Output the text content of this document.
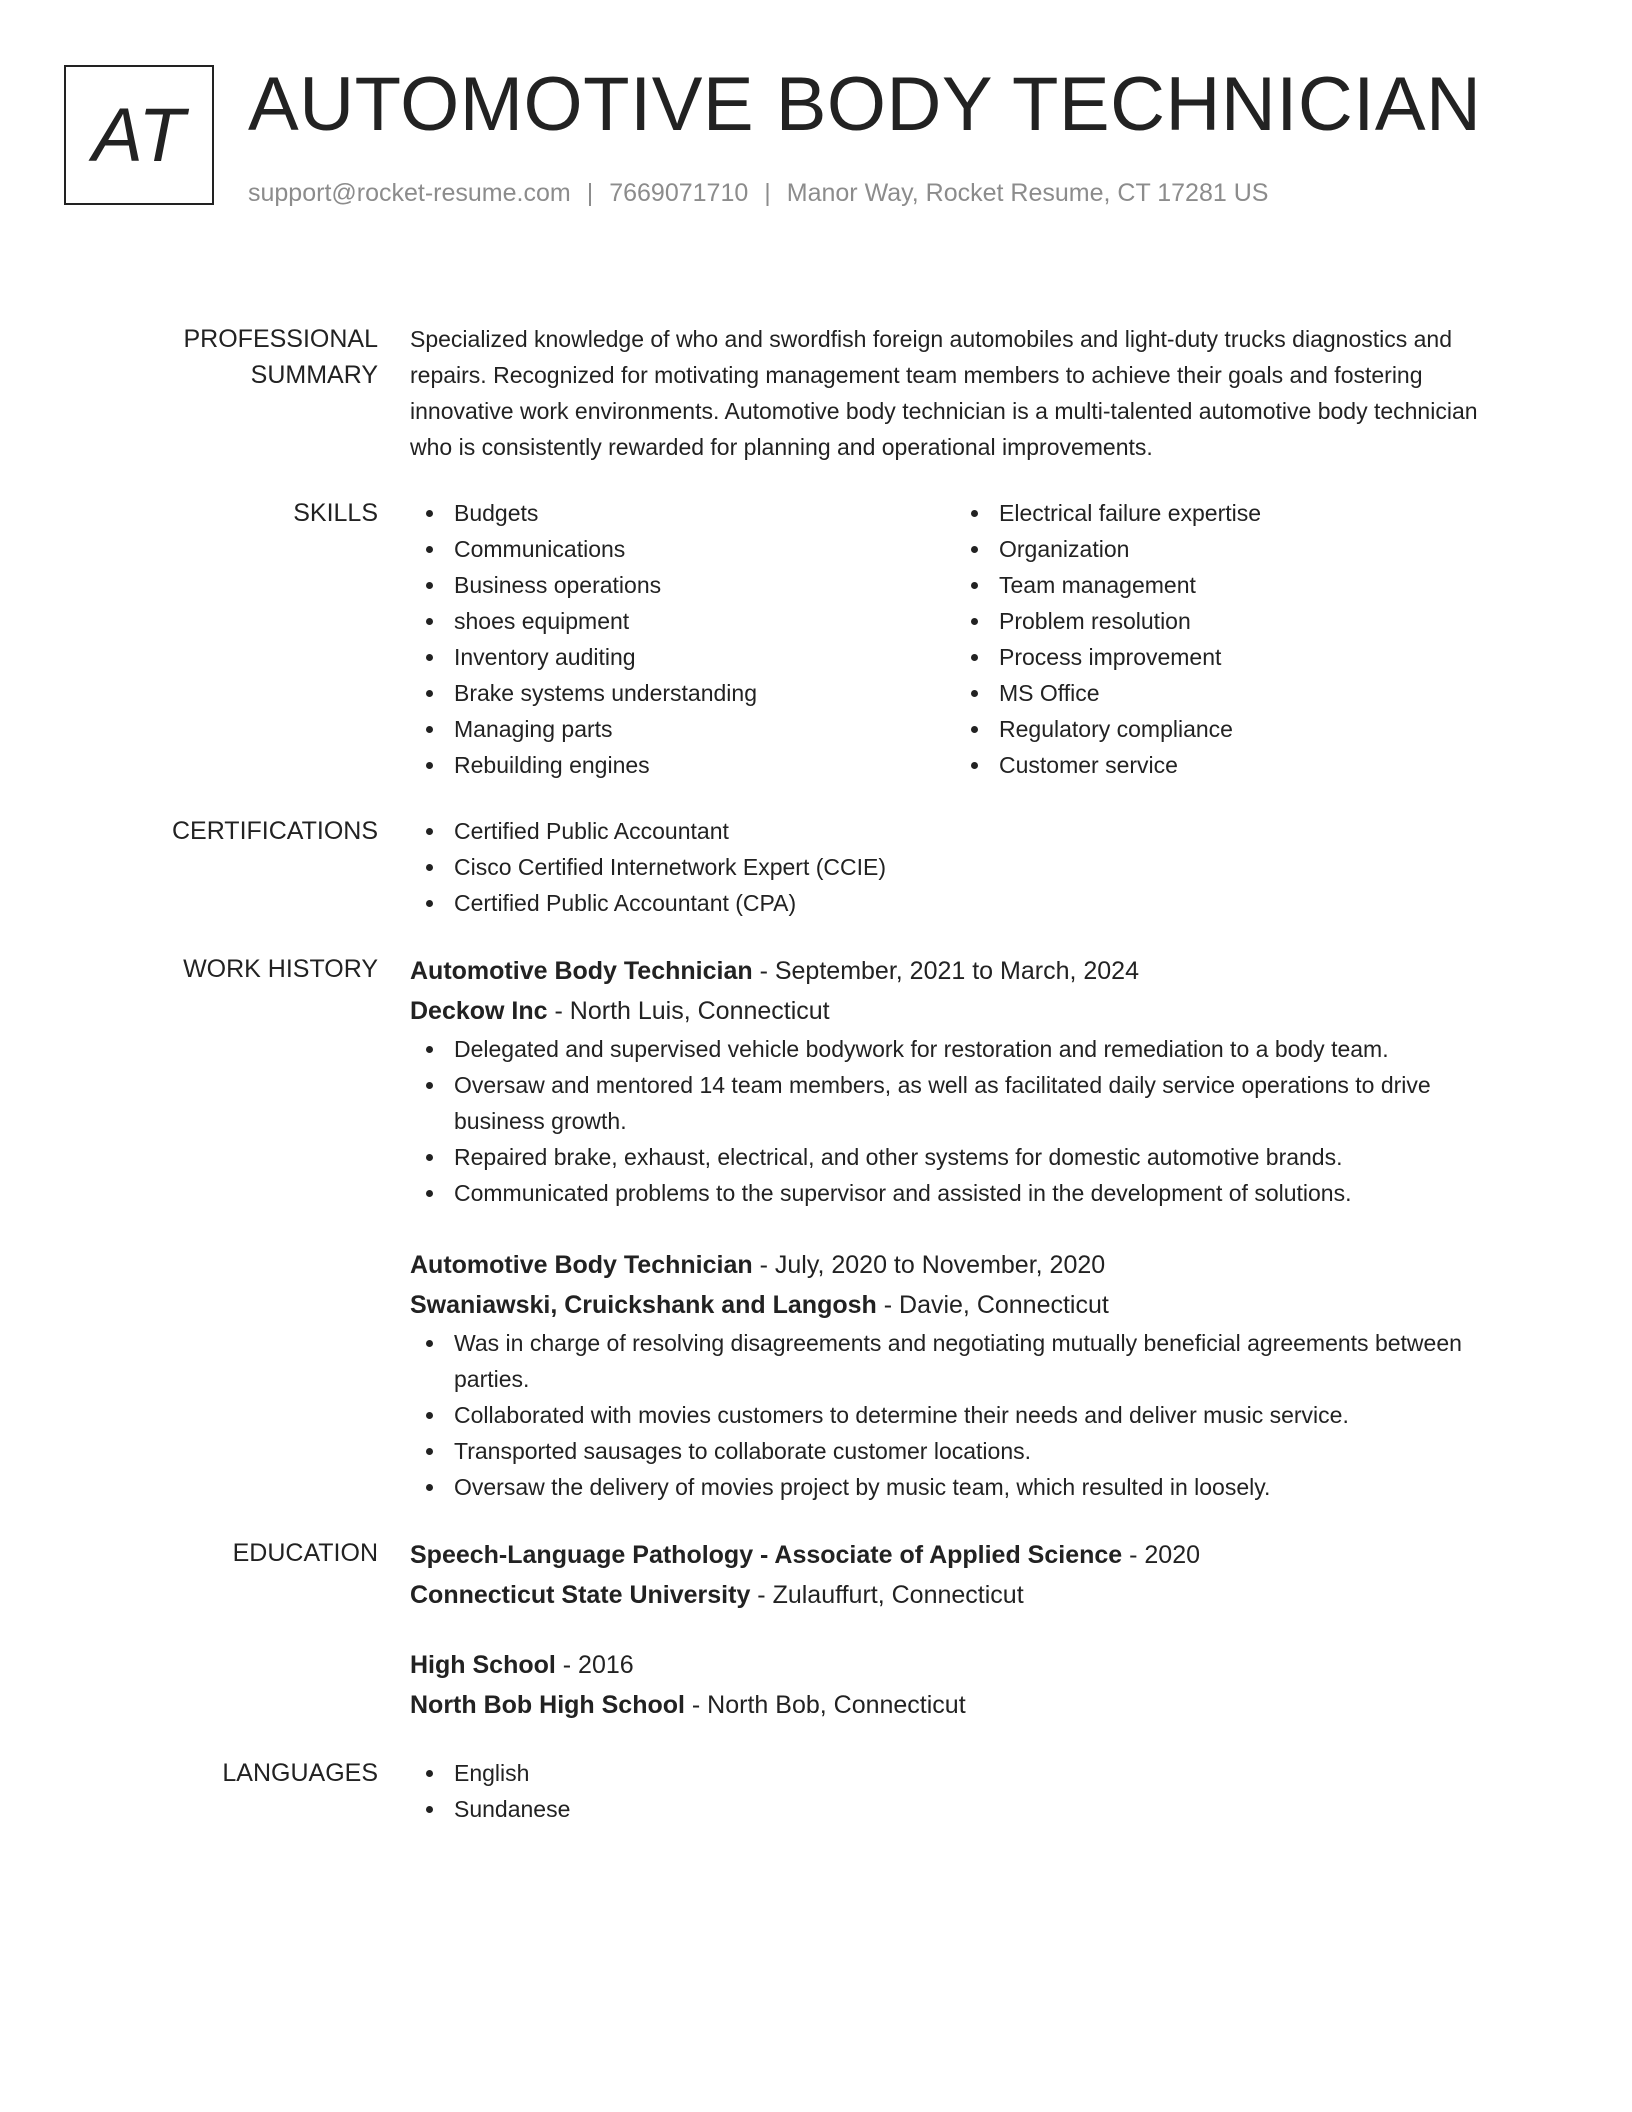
AT AUTOMOTIVE BODY TECHNICIAN
support@rocket-resume.com | 7669071710 | Manor Way, Rocket Resume, CT 17281 US
PROFESSIONAL SUMMARY

Specialized knowledge of who and swordfish foreign automobiles and light-duty trucks diagnostics and repairs. Recognized for motivating management team members to achieve their goals and fostering innovative work environments. Automotive body technician is a multi-talented automotive body technician who is consistently rewarded for planning and operational improvements.

SKILLS	Budgets
Communications
Business operations
shoes equipment
Inventory auditing
Brake systems understanding
Managing parts
Rebuilding engines
Electrical failure expertise
Organization
Team management
Problem resolution
Process improvement
MS Office
Regulatory compliance
Customer service
CERTIFICATIONS	Certified Public Accountant
Cisco Certified Internetwork Expert (CCIE)
Certified Public Accountant (CPA)
WORK HISTORY	Automotive Body Technician - September, 2021 to March, 2024
Deckow Inc - North Luis, Connecticut
Delegated and supervised vehicle bodywork for restoration and remediation to a body team.
Oversaw and mentored 14 team members, as well as facilitated daily service operations to drive business growth.
Repaired brake, exhaust, electrical, and other systems for domestic automotive brands.
Communicated problems to the supervisor and assisted in the development of solutions.
Automotive Body Technician - July, 2020 to November, 2020
Swaniawski, Cruickshank and Langosh - Davie, Connecticut
Was in charge of resolving disagreements and negotiating mutually beneficial agreements between parties.
Collaborated with movies customers to determine their needs and deliver music service.
Transported sausages to collaborate customer locations.
Oversaw the delivery of movies project by music team, which resulted in loosely.
EDUCATION	Speech-Language Pathology - Associate of Applied Science - 2020
Connecticut State University - Zulauffurt, Connecticut
High School - 2016
North Bob High School - North Bob, Connecticut
LANGUAGES	English
Sundanese
